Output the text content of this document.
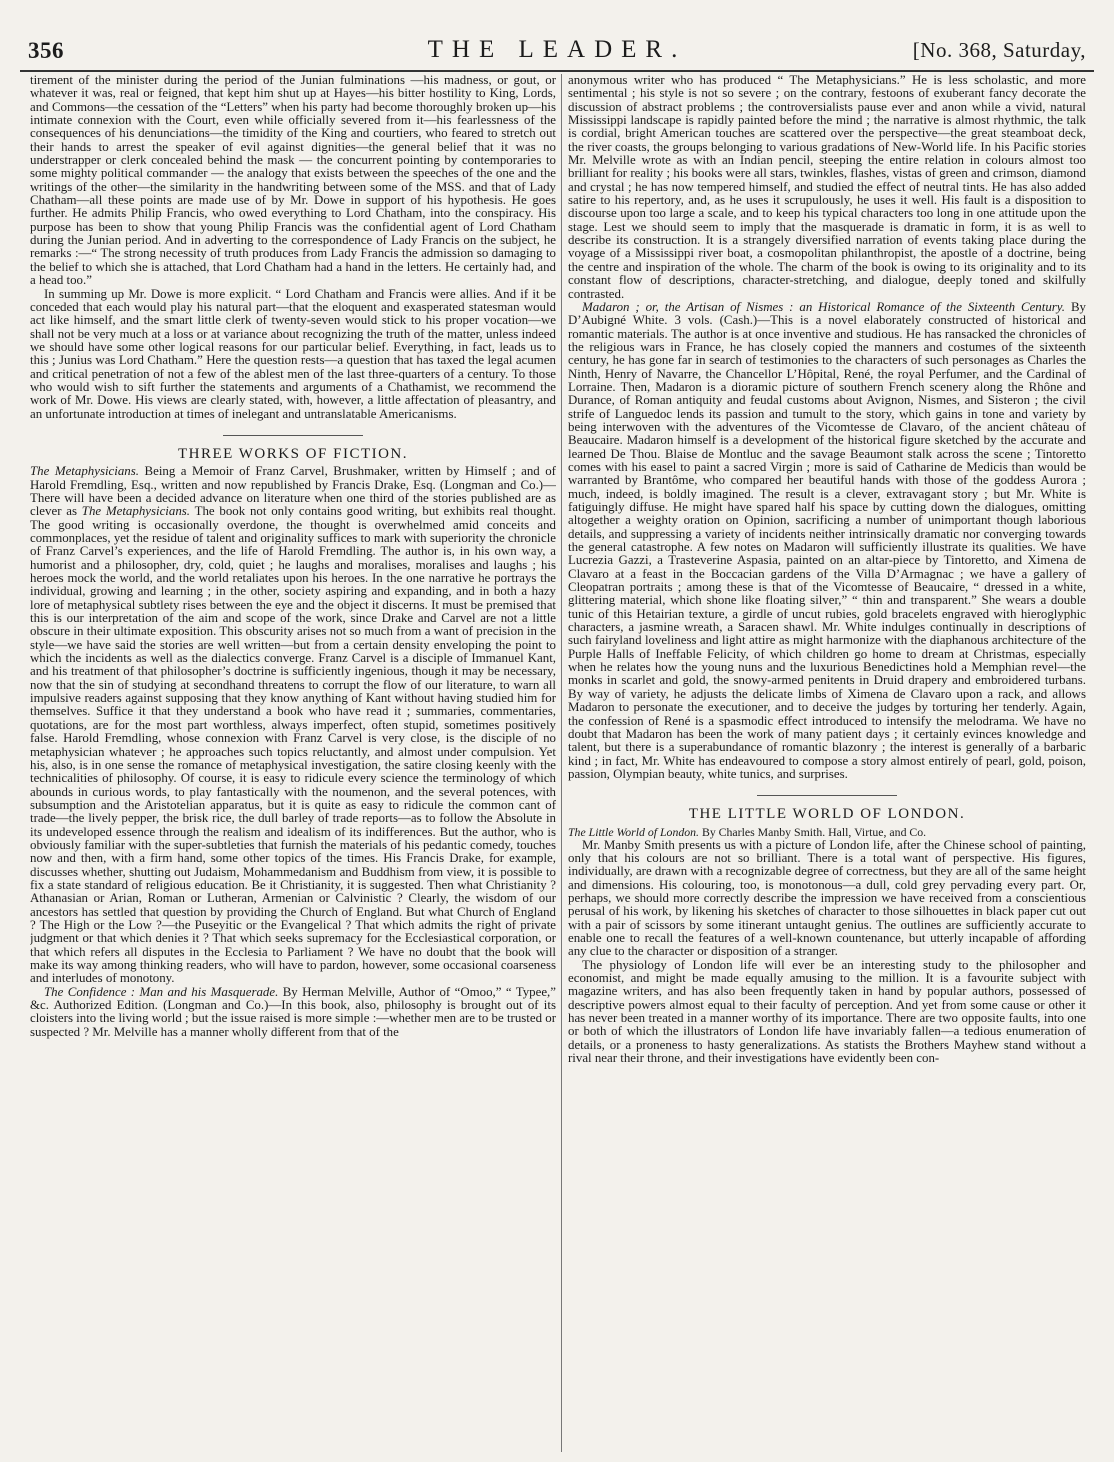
356	THE LEADER.	[No. 368, Saturday,

tirement of the minister during the period of the Junian fulminations —his madness, or gout, or whatever it was, real or feigned, that kept him shut up at Hayes—his bitter hostility to King, Lords, and Commons—the cessation of the “Letters” when his party had become thoroughly broken up—his intimate connexion with the Court, even while officially severed from it—his fearlessness of the consequences of his denunciations—the timidity of the King and courtiers, who feared to stretch out their hands to arrest the speaker of evil against dignities—the general belief that it was no understrapper or clerk concealed behind the mask — the concurrent pointing by contemporaries to some mighty political commander — the analogy that exists between the speeches of the one and the writings of the other—the similarity in the handwriting between some of the MSS. and that of Lady Chatham—all these points are made use of by Mr. Dowe in support of his hypothesis. He goes further. He admits Philip Francis, who owed everything to Lord Chatham, into the conspiracy. His purpose has been to show that young Philip Francis was the confidential agent of Lord Chatham during the Junian period. And in adverting to the correspondence of Lady Francis on the subject, he remarks :—“ The strong necessity of truth produces from Lady Francis the admission so damaging to the belief to which she is attached, that Lord Chatham had a hand in the letters. He certainly had, and a head too.”

In summing up Mr. Dowe is more explicit. “ Lord Chatham and Francis were allies. And if it be conceded that each would play his natural part—that the eloquent and exasperated statesman would act like himself, and the smart little clerk of twenty-seven would stick to his proper vocation—we shall not be very much at a loss or at variance about recognizing the truth of the matter, unless indeed we should have some other logical reasons for our particular belief. Everything, in fact, leads us to this ; Junius was Lord Chatham.” Here the question rests—a question that has taxed the legal acumen and critical penetration of not a few of the ablest men of the last three-quarters of a century. To those who would wish to sift further the statements and arguments of a Chathamist, we recommend the work of Mr. Dowe. His views are clearly stated, with, however, a little affectation of pleasantry, and an unfortunate introduction at times of inelegant and untranslatable Americanisms.

THREE WORKS OF FICTION.

The Metaphysicians. Being a Memoir of Franz Carvel, Brushmaker, written by Himself ; and of Harold Fremdling, Esq., written and now republished by Francis Drake, Esq. (Longman and Co.)—There will have been a decided advance on literature when one third of the stories published are as clever as The Metaphysicians. The book not only contains good writing, but exhibits real thought. The good writing is occasionally overdone, the thought is overwhelmed amid conceits and commonplaces, yet the residue of talent and originality suffices to mark with superiority the chronicle of Franz Carvel’s experiences, and the life of Harold Fremdling. The author is, in his own way, a humorist and a philosopher, dry, cold, quiet ; he laughs and moralises, moralises and laughs ; his heroes mock the world, and the world retaliates upon his heroes. In the one narrative he portrays the individual, growing and learning ; in the other, society aspiring and expanding, and in both a hazy lore of metaphysical subtlety rises between the eye and the object it discerns. It must be premised that this is our interpretation of the aim and scope of the work, since Drake and Carvel are not a little obscure in their ultimate exposition. This obscurity arises not so much from a want of precision in the style—we have said the stories are well written—but from a certain density enveloping the point to which the incidents as well as the dialectics converge. Franz Carvel is a disciple of Immanuel Kant, and his treatment of that philosopher’s doctrine is sufficiently ingenious, though it may be necessary, now that the sin of studying at secondhand threatens to corrupt the flow of our literature, to warn all impulsive readers against supposing that they know anything of Kant without having studied him for themselves. Suffice it that they understand a book who have read it ; summaries, commentaries, quotations, are for the most part worthless, always imperfect, often stupid, sometimes positively false. Harold Fremdling, whose connexion with Franz Carvel is very close, is the disciple of no metaphysician whatever ; he approaches such topics reluctantly, and almost under compulsion. Yet his, also, is in one sense the romance of metaphysical investigation, the satire closing keenly with the technicalities of philosophy. Of course, it is easy to ridicule every science the terminology of which abounds in curious words, to play fantastically with the noumenon, and the several potences, with subsumption and the Aristotelian apparatus, but it is quite as easy to ridicule the common cant of trade—the lively pepper, the brisk rice, the dull barley of trade reports—as to follow the Absolute in its undeveloped essence through the realism and idealism of its indifferences. But the author, who is obviously familiar with the super-subtleties that furnish the materials of his pedantic comedy, touches now and then, with a firm hand, some other topics of the times. His Francis Drake, for example, discusses whether, shutting out Judaism, Mohammedanism and Buddhism from view, it is possible to fix a state standard of religious education. Be it Christianity, it is suggested. Then what Christianity ? Athanasian or Arian, Roman or Lutheran, Armenian or Calvinistic ? Clearly, the wisdom of our ancestors has settled that question by providing the Church of England. But what Church of England ? The High or the Low ?—the Puseyitic or the Evangelical ? That which admits the right of private judgment or that which denies it ? That which seeks supremacy for the Ecclesiastical corporation, or that which refers all disputes in the Ecclesia to Parliament ? We have no doubt that the book will make its way among thinking readers, who will have to pardon, however, some occasional coarseness and interludes of monotony.

The Confidence : Man and his Masquerade. By Herman Melville, Author of “Omoo,” “ Typee,” &c. Authorized Edition. (Longman and Co.)—In this book, also, philosophy is brought out of its cloisters into the living world ; but the issue raised is more simple :—whether men are to be trusted or suspected ? Mr. Melville has a manner wholly different from that of the

anonymous writer who has produced “ The Metaphysicians.” He is less scholastic, and more sentimental ; his style is not so severe ; on the contrary, festoons of exuberant fancy decorate the discussion of abstract problems ; the controversialists pause ever and anon while a vivid, natural Mississippi landscape is rapidly painted before the mind ; the narrative is almost rhythmic, the talk is cordial, bright American touches are scattered over the perspective—the great steamboat deck, the river coasts, the groups belonging to various gradations of New-World life. In his Pacific stories Mr. Melville wrote as with an Indian pencil, steeping the entire relation in colours almost too brilliant for reality ; his books were all stars, twinkles, flashes, vistas of green and crimson, diamond and crystal ; he has now tempered himself, and studied the effect of neutral tints. He has also added satire to his repertory, and, as he uses it scrupulously, he uses it well. His fault is a disposition to discourse upon too large a scale, and to keep his typical characters too long in one attitude upon the stage. Lest we should seem to imply that the masquerade is dramatic in form, it is as well to describe its construction. It is a strangely diversified narration of events taking place during the voyage of a Mississippi river boat, a cosmopolitan philanthropist, the apostle of a doctrine, being the centre and inspiration of the whole. The charm of the book is owing to its originality and to its constant flow of descriptions, character-stretching, and dialogue, deeply toned and skilfully contrasted.

Madaron ; or, the Artisan of Nismes : an Historical Romance of the Sixteenth Century. By D’Aubigné White. 3 vols. (Cash.)—This is a novel elaborately constructed of historical and romantic materials. The author is at once inventive and studious. He has ransacked the chronicles of the religious wars in France, he has closely copied the manners and costumes of the sixteenth century, he has gone far in search of testimonies to the characters of such personages as Charles the Ninth, Henry of Navarre, the Chancellor L’Hôpital, René, the royal Perfumer, and the Cardinal of Lorraine. Then, Madaron is a dioramic picture of southern French scenery along the Rhône and Durance, of Roman antiquity and feudal customs about Avignon, Nismes, and Sisteron ; the civil strife of Languedoc lends its passion and tumult to the story, which gains in tone and variety by being interwoven with the adventures of the Vicomtesse de Clavaro, of the ancient château of Beaucaire. Madaron himself is a development of the historical figure sketched by the accurate and learned De Thou. Blaise de Montluc and the savage Beaumont stalk across the scene ; Tintoretto comes with his easel to paint a sacred Virgin ; more is said of Catharine de Medicis than would be warranted by Brantôme, who compared her beautiful hands with those of the goddess Aurora ; much, indeed, is boldly imagined. The result is a clever, extravagant story ; but Mr. White is fatiguingly diffuse. He might have spared half his space by cutting down the dialogues, omitting altogether a weighty oration on Opinion, sacrificing a number of unimportant though laborious details, and suppressing a variety of incidents neither intrinsically dramatic nor converging towards the general catastrophe. A few notes on Madaron will sufficiently illustrate its qualities. We have Lucrezia Gazzi, a Trasteverine Aspasia, painted on an altar-piece by Tintoretto, and Ximena de Clavaro at a feast in the Boccacian gardens of the Villa D’Armagnac ; we have a gallery of Cleopatran portraits ; among these is that of the Vicomtesse of Beaucaire, “ dressed in a white, glittering material, which shone like floating silver,” “ thin and transparent.” She wears a double tunic of this Hetairian texture, a girdle of uncut rubies, gold bracelets engraved with hieroglyphic characters, a jasmine wreath, a Saracen shawl. Mr. White indulges continually in descriptions of such fairyland loveliness and light attire as might harmonize with the diaphanous architecture of the Purple Halls of Ineffable Felicity, of which children go home to dream at Christmas, especially when he relates how the young nuns and the luxurious Benedictines hold a Memphian revel—the monks in scarlet and gold, the snowy-armed penitents in Druid drapery and embroidered turbans. By way of variety, he adjusts the delicate limbs of Ximena de Clavaro upon a rack, and allows Madaron to personate the executioner, and to deceive the judges by torturing her tenderly. Again, the confession of René is a spasmodic effect introduced to intensify the melodrama. We have no doubt that Madaron has been the work of many patient days ; it certainly evinces knowledge and talent, but there is a superabundance of romantic blazonry ; the interest is generally of a barbaric kind ; in fact, Mr. White has endeavoured to compose a story almost entirely of pearl, gold, poison, passion, Olympian beauty, white tunics, and surprises.

THE LITTLE WORLD OF LONDON.

The Little World of London. By Charles Manby Smith. Hall, Virtue, and Co.

Mr. Manby Smith presents us with a picture of London life, after the Chinese school of painting, only that his colours are not so brilliant. There is a total want of perspective. His figures, individually, are drawn with a recognizable degree of correctness, but they are all of the same height and dimensions. His colouring, too, is monotonous—a dull, cold grey pervading every part. Or, perhaps, we should more correctly describe the impression we have received from a conscientious perusal of his work, by likening his sketches of character to those silhouettes in black paper cut out with a pair of scissors by some itinerant untaught genius. The outlines are sufficiently accurate to enable one to recall the features of a well-known countenance, but utterly incapable of affording any clue to the character or disposition of a stranger.

The physiology of London life will ever be an interesting study to the philosopher and economist, and might be made equally amusing to the million. It is a favourite subject with magazine writers, and has also been frequently taken in hand by popular authors, possessed of descriptive powers almost equal to their faculty of perception. And yet from some cause or other it has never been treated in a manner worthy of its importance. There are two opposite faults, into one or both of which the illustrators of London life have invariably fallen—a tedious enumeration of details, or a proneness to hasty generalizations. As statists the Brothers Mayhew stand without a rival near their throne, and their investigations have evidently been con-
